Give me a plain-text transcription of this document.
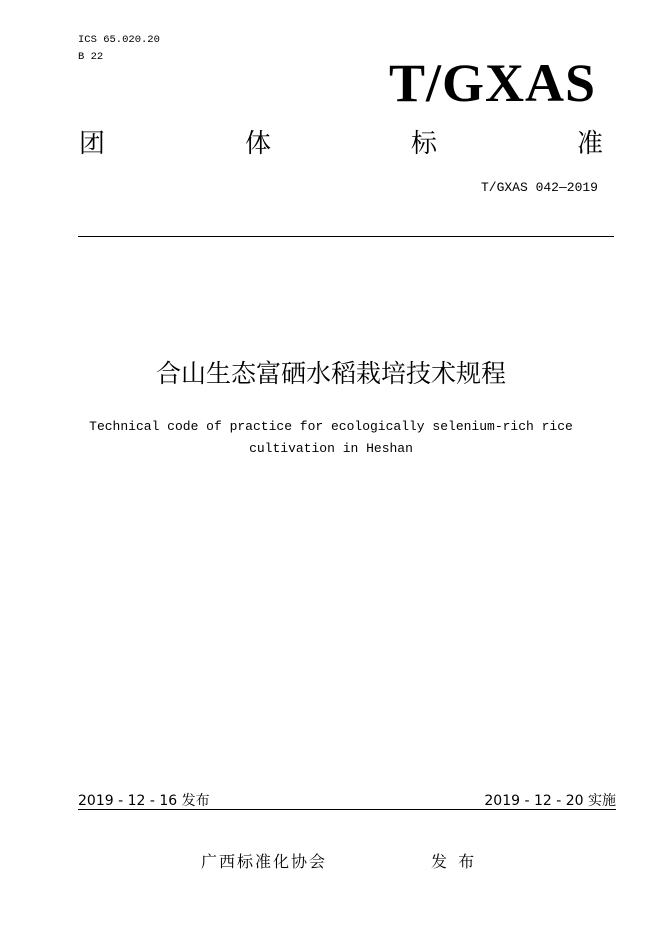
ICS 65.020.20
B 22	T/GXAS
团	体	标	准
T/GXAS 042—2019
合山生态富硒水稻栽培技术规程
Technical code of practice for ecologically selenium-rich rice cultivation in Heshan
2019 - 12 - 16 发布	2019 - 12 - 20 实施
广西标准化协会	发 布
